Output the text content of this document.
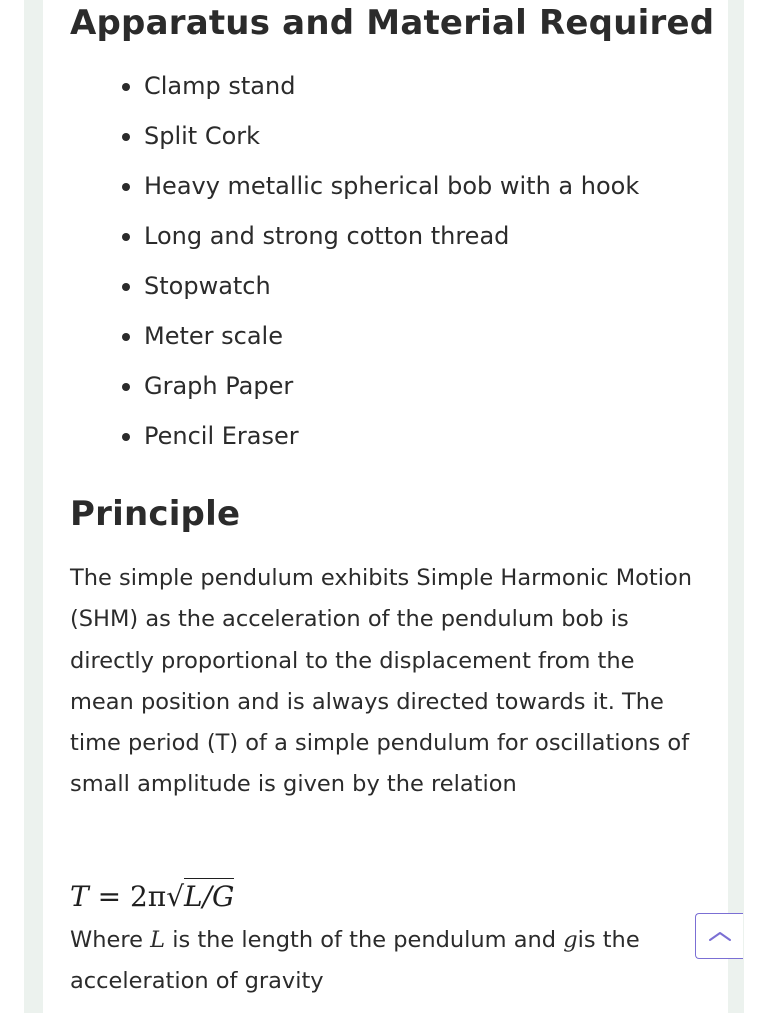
Apparatus and Material Required
Clamp stand
Split Cork
Heavy metallic spherical bob with a hook
Long and strong cotton thread
Stopwatch
Meter scale
Graph Paper
Pencil Eraser
Principle

The simple pendulum exhibits Simple Harmonic Motion (SHM) as the acceleration of the pendulum bob is directly proportional to the displacement from the mean position and is always directed towards it. The time period (T) of a simple pendulum for oscillations of small amplitude is given by the relation

T = 2π√L/G

Where L is the length of the pendulum and gis the acceleration of gravity
